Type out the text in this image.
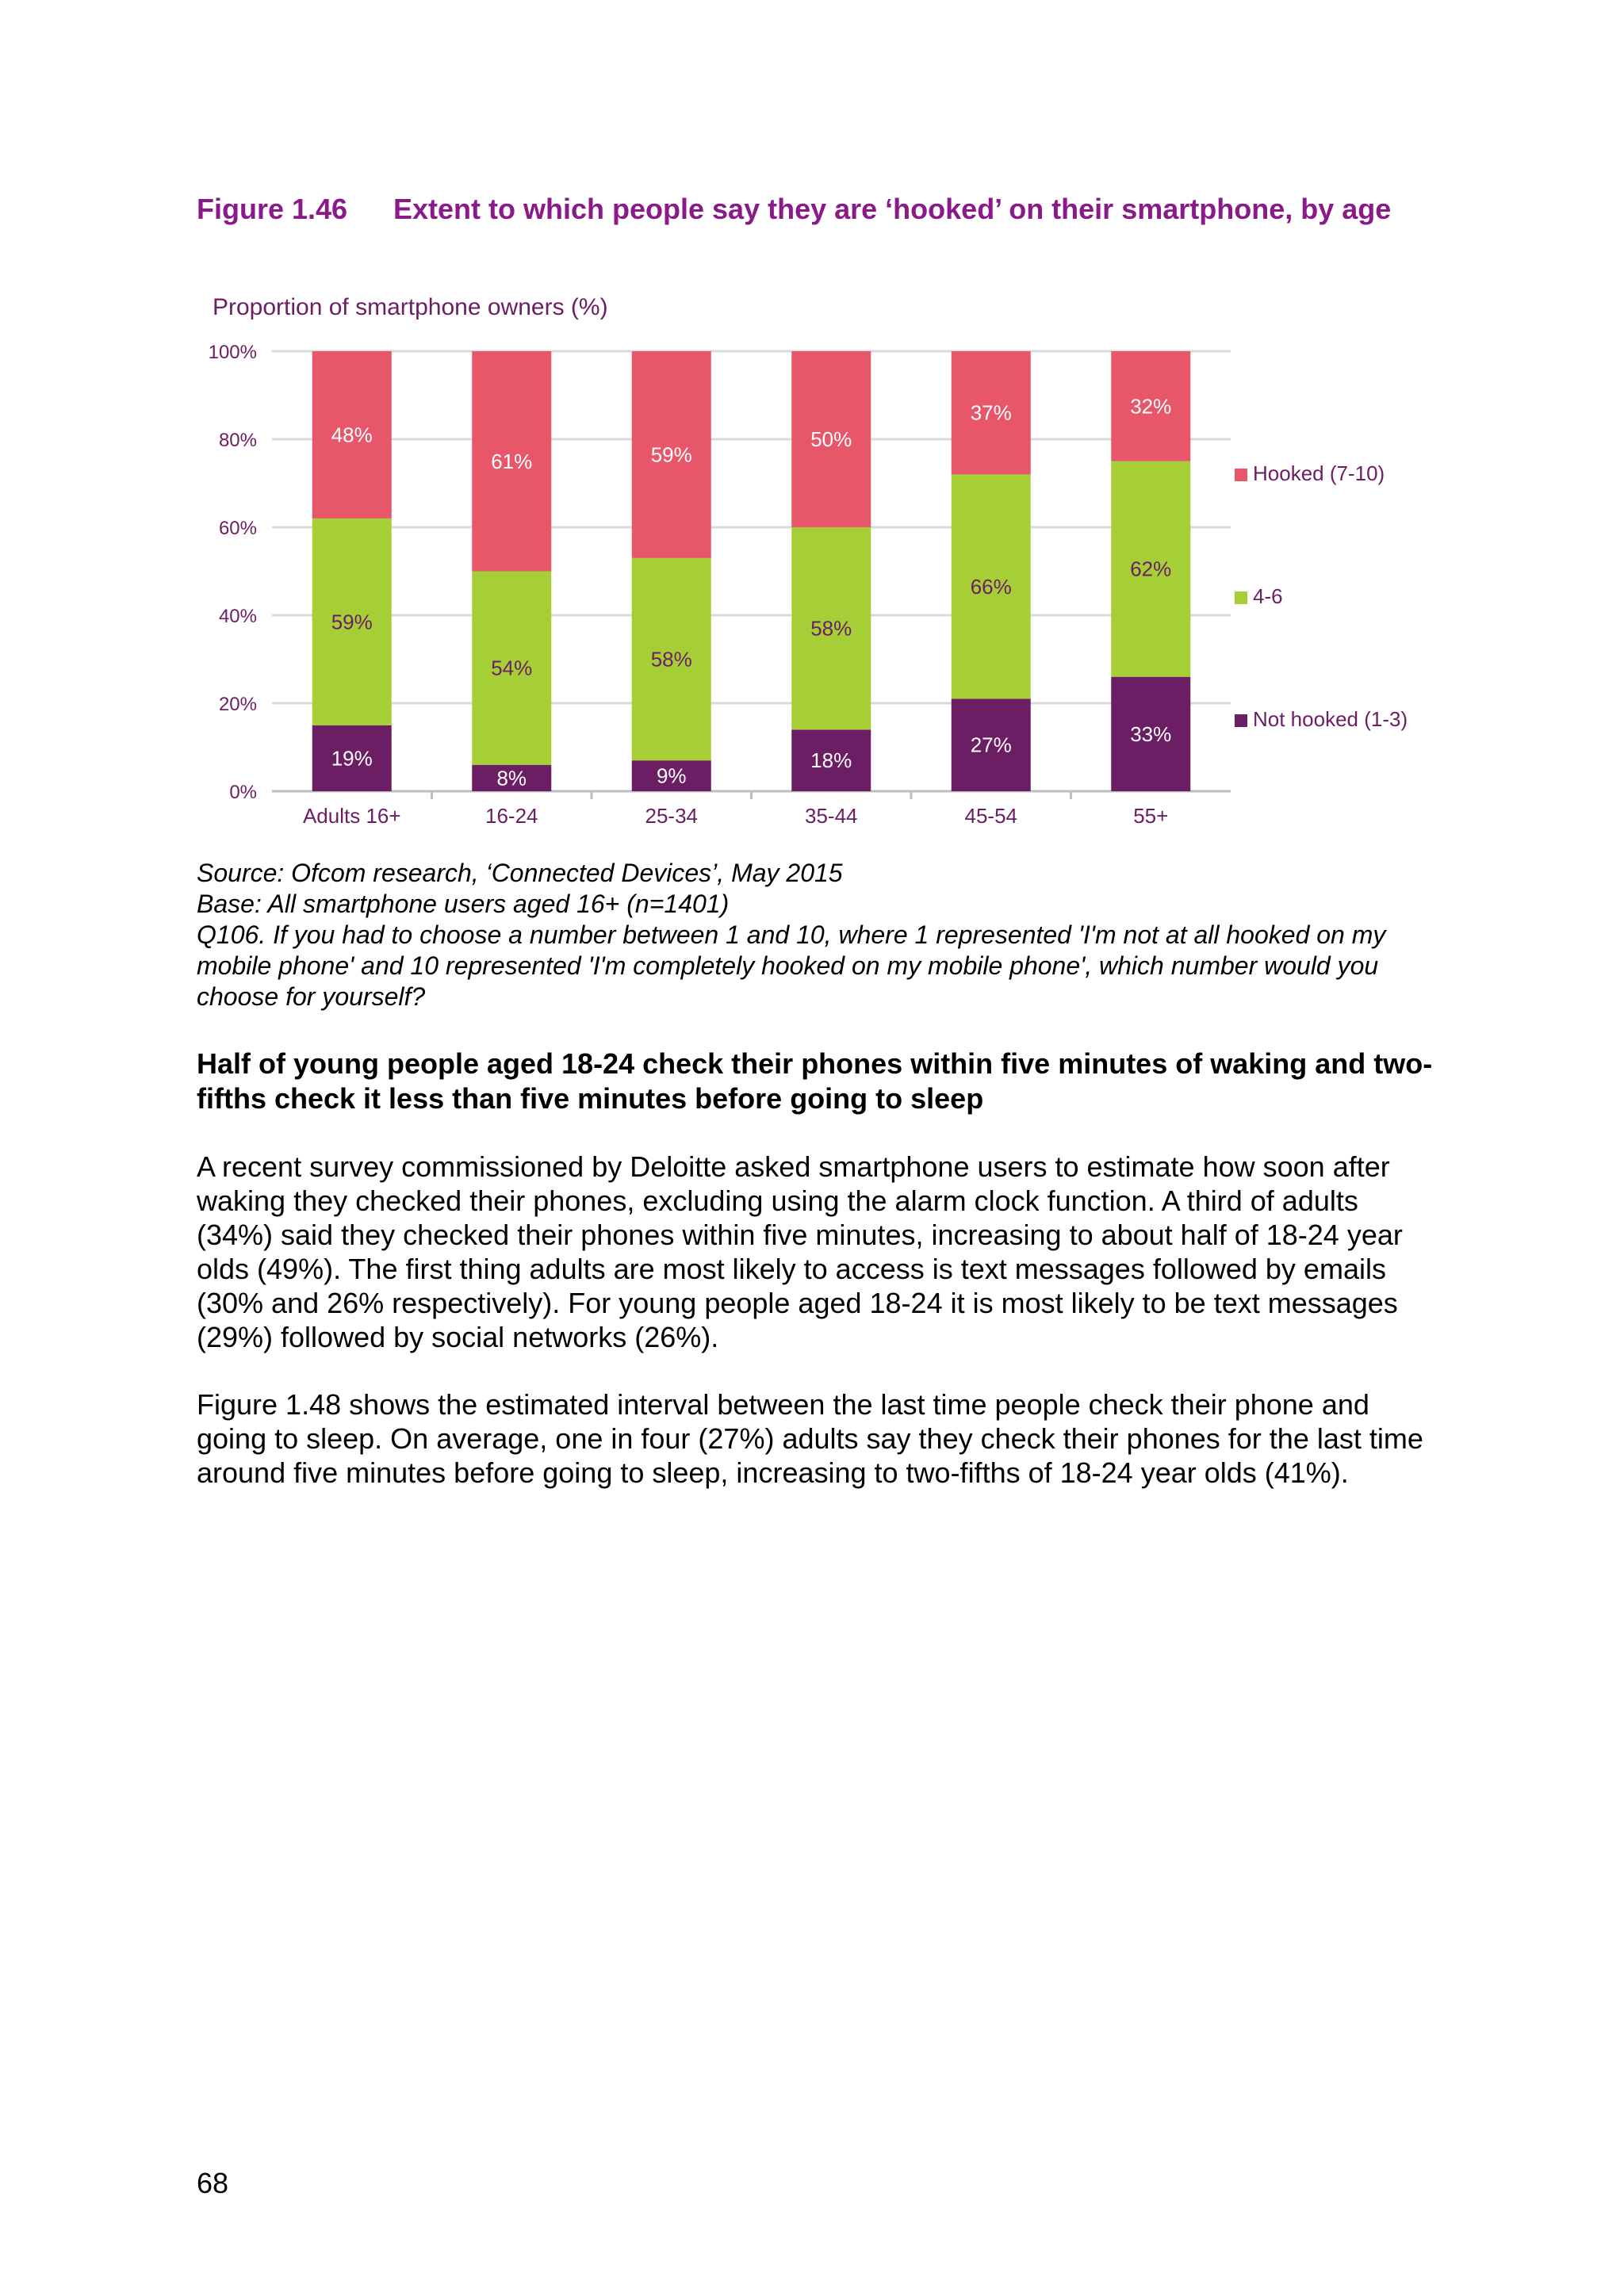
Figure 1.46 Extent to which people say they are ‘hooked’ on their smartphone, by age
Proportion of smartphone owners (%)
0%
20%
40%
60%
80%
100%
19%
59%
48%
8%
54%
61%
9%
58%
59%
18%
58%
50%
27%
66%
37%
33%
62%
32%
Adults 16+	16-24	25-34	35-44	45-54	55+
Not hooked (1-3)
4-6
Hooked (7-10)

Source: Ofcom research, ‘Connected Devices’, May 2015

Base: All smartphone users aged 16+ (n=1401)

Q106. If you had to choose a number between 1 and 10, where 1 represented 'I'm not at all hooked on my mobile phone' and 10 represented 'I'm completely hooked on my mobile phone', which number would you choose for yourself?

Half of young people aged 18-24 check their phones within five minutes of waking and two-fifths check it less than five minutes before going to sleep

A recent survey commissioned by Deloitte asked smartphone users to estimate how soon after waking they checked their phones, excluding using the alarm clock function. A third of adults (34%) said they checked their phones within five minutes, increasing to about half of 18-24 year olds (49%). The first thing adults are most likely to access is text messages followed by emails (30% and 26% respectively). For young people aged 18-24 it is most likely to be text messages (29%) followed by social networks (26%).

Figure 1.48 shows the estimated interval between the last time people check their phone and going to sleep. On average, one in four (27%) adults say they check their phones for the last time around five minutes before going to sleep, increasing to two-fifths of 18-24 year olds (41%).

68
